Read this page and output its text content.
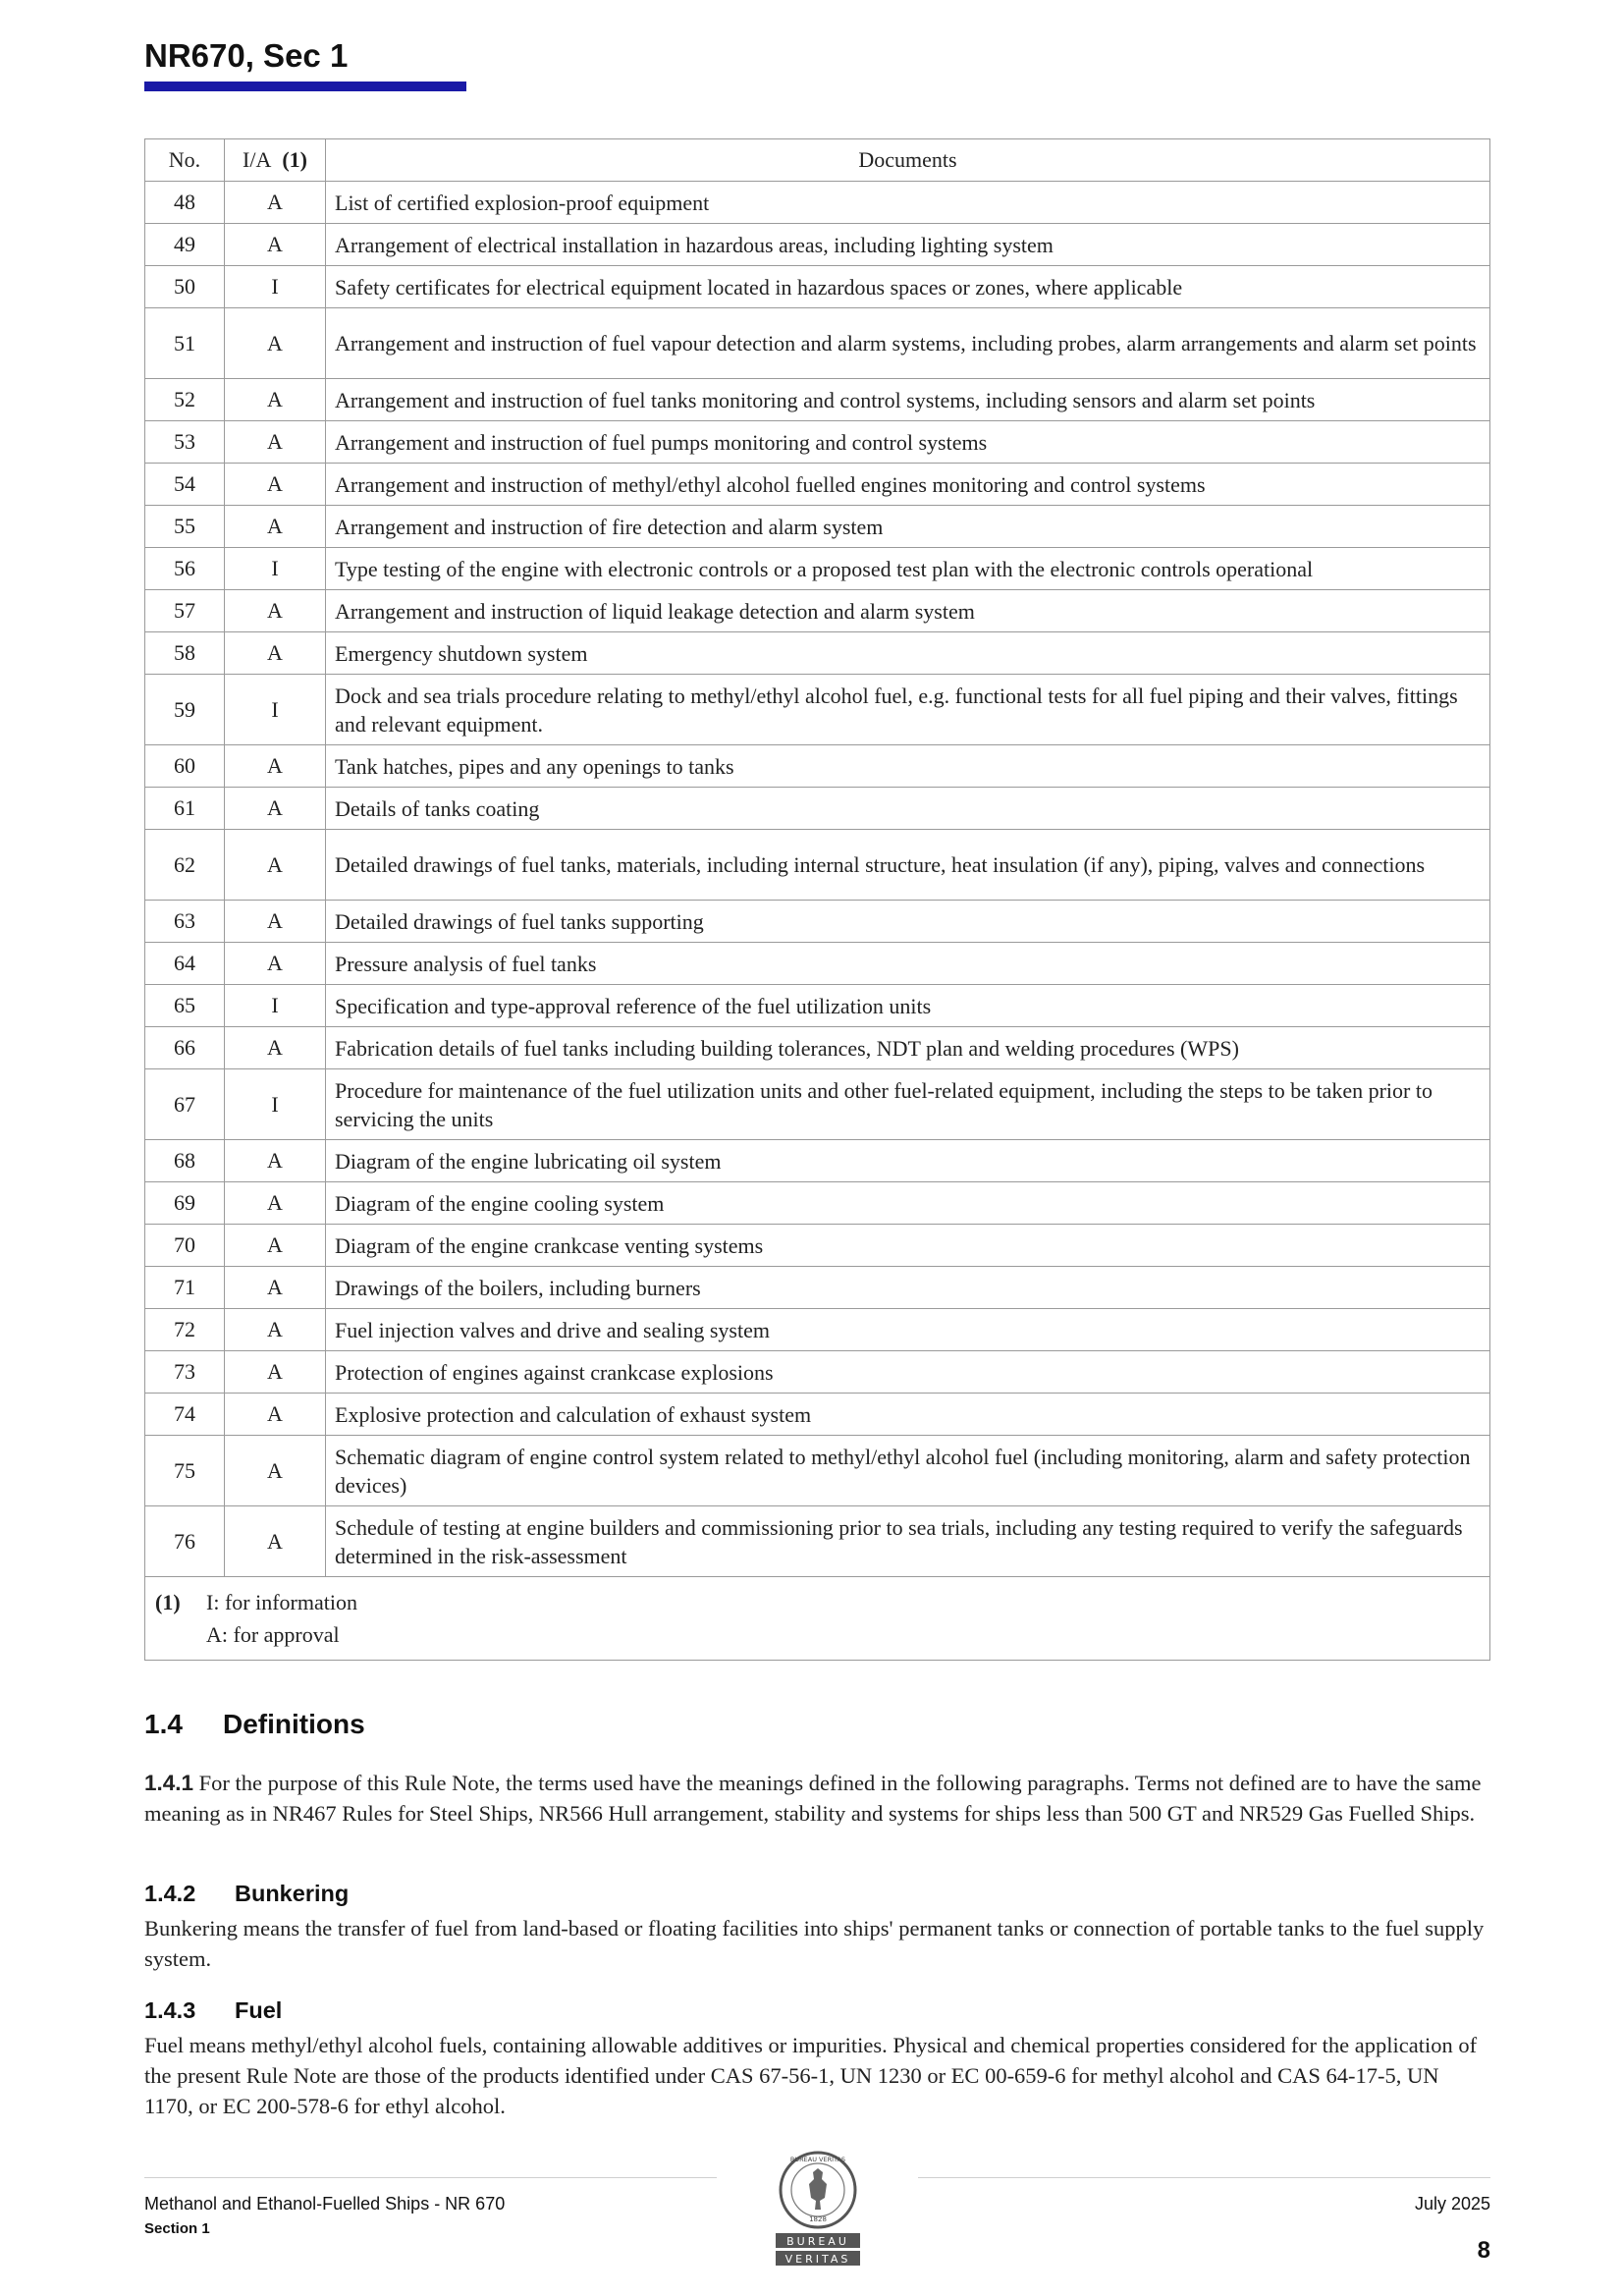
NR670, Sec 1
No.	I/A (1)	Documents
48	A	List of certified explosion-proof equipment
49	A	Arrangement of electrical installation in hazardous areas, including lighting system
50	I	Safety certificates for electrical equipment located in hazardous spaces or zones, where applicable
51	A	Arrangement and instruction of fuel vapour detection and alarm systems, including probes, alarm arrangements and alarm set points
52	A	Arrangement and instruction of fuel tanks monitoring and control systems, including sensors and alarm set points
53	A	Arrangement and instruction of fuel pumps monitoring and control systems
54	A	Arrangement and instruction of methyl/ethyl alcohol fuelled engines monitoring and control systems
55	A	Arrangement and instruction of fire detection and alarm system
56	I	Type testing of the engine with electronic controls or a proposed test plan with the electronic controls operational
57	A	Arrangement and instruction of liquid leakage detection and alarm system
58	A	Emergency shutdown system
59	I	Dock and sea trials procedure relating to methyl/ethyl alcohol fuel, e.g. functional tests for all fuel piping and their valves, fittings and relevant equipment.
60	A	Tank hatches, pipes and any openings to tanks
61	A	Details of tanks coating
62	A	Detailed drawings of fuel tanks, materials, including internal structure, heat insulation (if any), piping, valves and connections
63	A	Detailed drawings of fuel tanks supporting
64	A	Pressure analysis of fuel tanks
65	I	Specification and type-approval reference of the fuel utilization units
66	A	Fabrication details of fuel tanks including building tolerances, NDT plan and welding procedures (WPS)
67	I	Procedure for maintenance of the fuel utilization units and other fuel-related equipment, including the steps to be taken prior to servicing the units
68	A	Diagram of the engine lubricating oil system
69	A	Diagram of the engine cooling system
70	A	Diagram of the engine crankcase venting systems
71	A	Drawings of the boilers, including burners
72	A	Fuel injection valves and drive and sealing system
73	A	Protection of engines against crankcase explosions
74	A	Explosive protection and calculation of exhaust system
75	A	Schematic diagram of engine control system related to methyl/ethyl alcohol fuel (including monitoring, alarm and safety protection devices)
76	A	Schedule of testing at engine builders and commissioning prior to sea trials, including any testing required to verify the safeguards determined in the risk-assessment
(1) I: for information
A: for approval		
1.4 Definitions
1.4.1 For the purpose of this Rule Note, the terms used have the meanings defined in the following paragraphs. Terms not defined are to have the same meaning as in NR467 Rules for Steel Ships, NR566 Hull arrangement, stability and systems for ships less than 500 GT and NR529 Gas Fuelled Ships.
1.4.2 Bunkering
Bunkering means the transfer of fuel from land-based or floating facilities into ships' permanent tanks or connection of portable tanks to the fuel supply system.
1.4.3 Fuel
Fuel means methyl/ethyl alcohol fuels, containing allowable additives or impurities. Physical and chemical properties considered for the application of the present Rule Note are those of the products identified under CAS 67-56-1, UN 1230 or EC 00-659-6 for methyl alcohol and CAS 64-17-5, UN 1170, or EC 200-578-6 for ethyl alcohol.
Methanol and Ethanol-Fuelled Ships - NR 670
Section 1
July 2025
8
BUREAU VERITAS
1828
BUREAU
VERITAS
